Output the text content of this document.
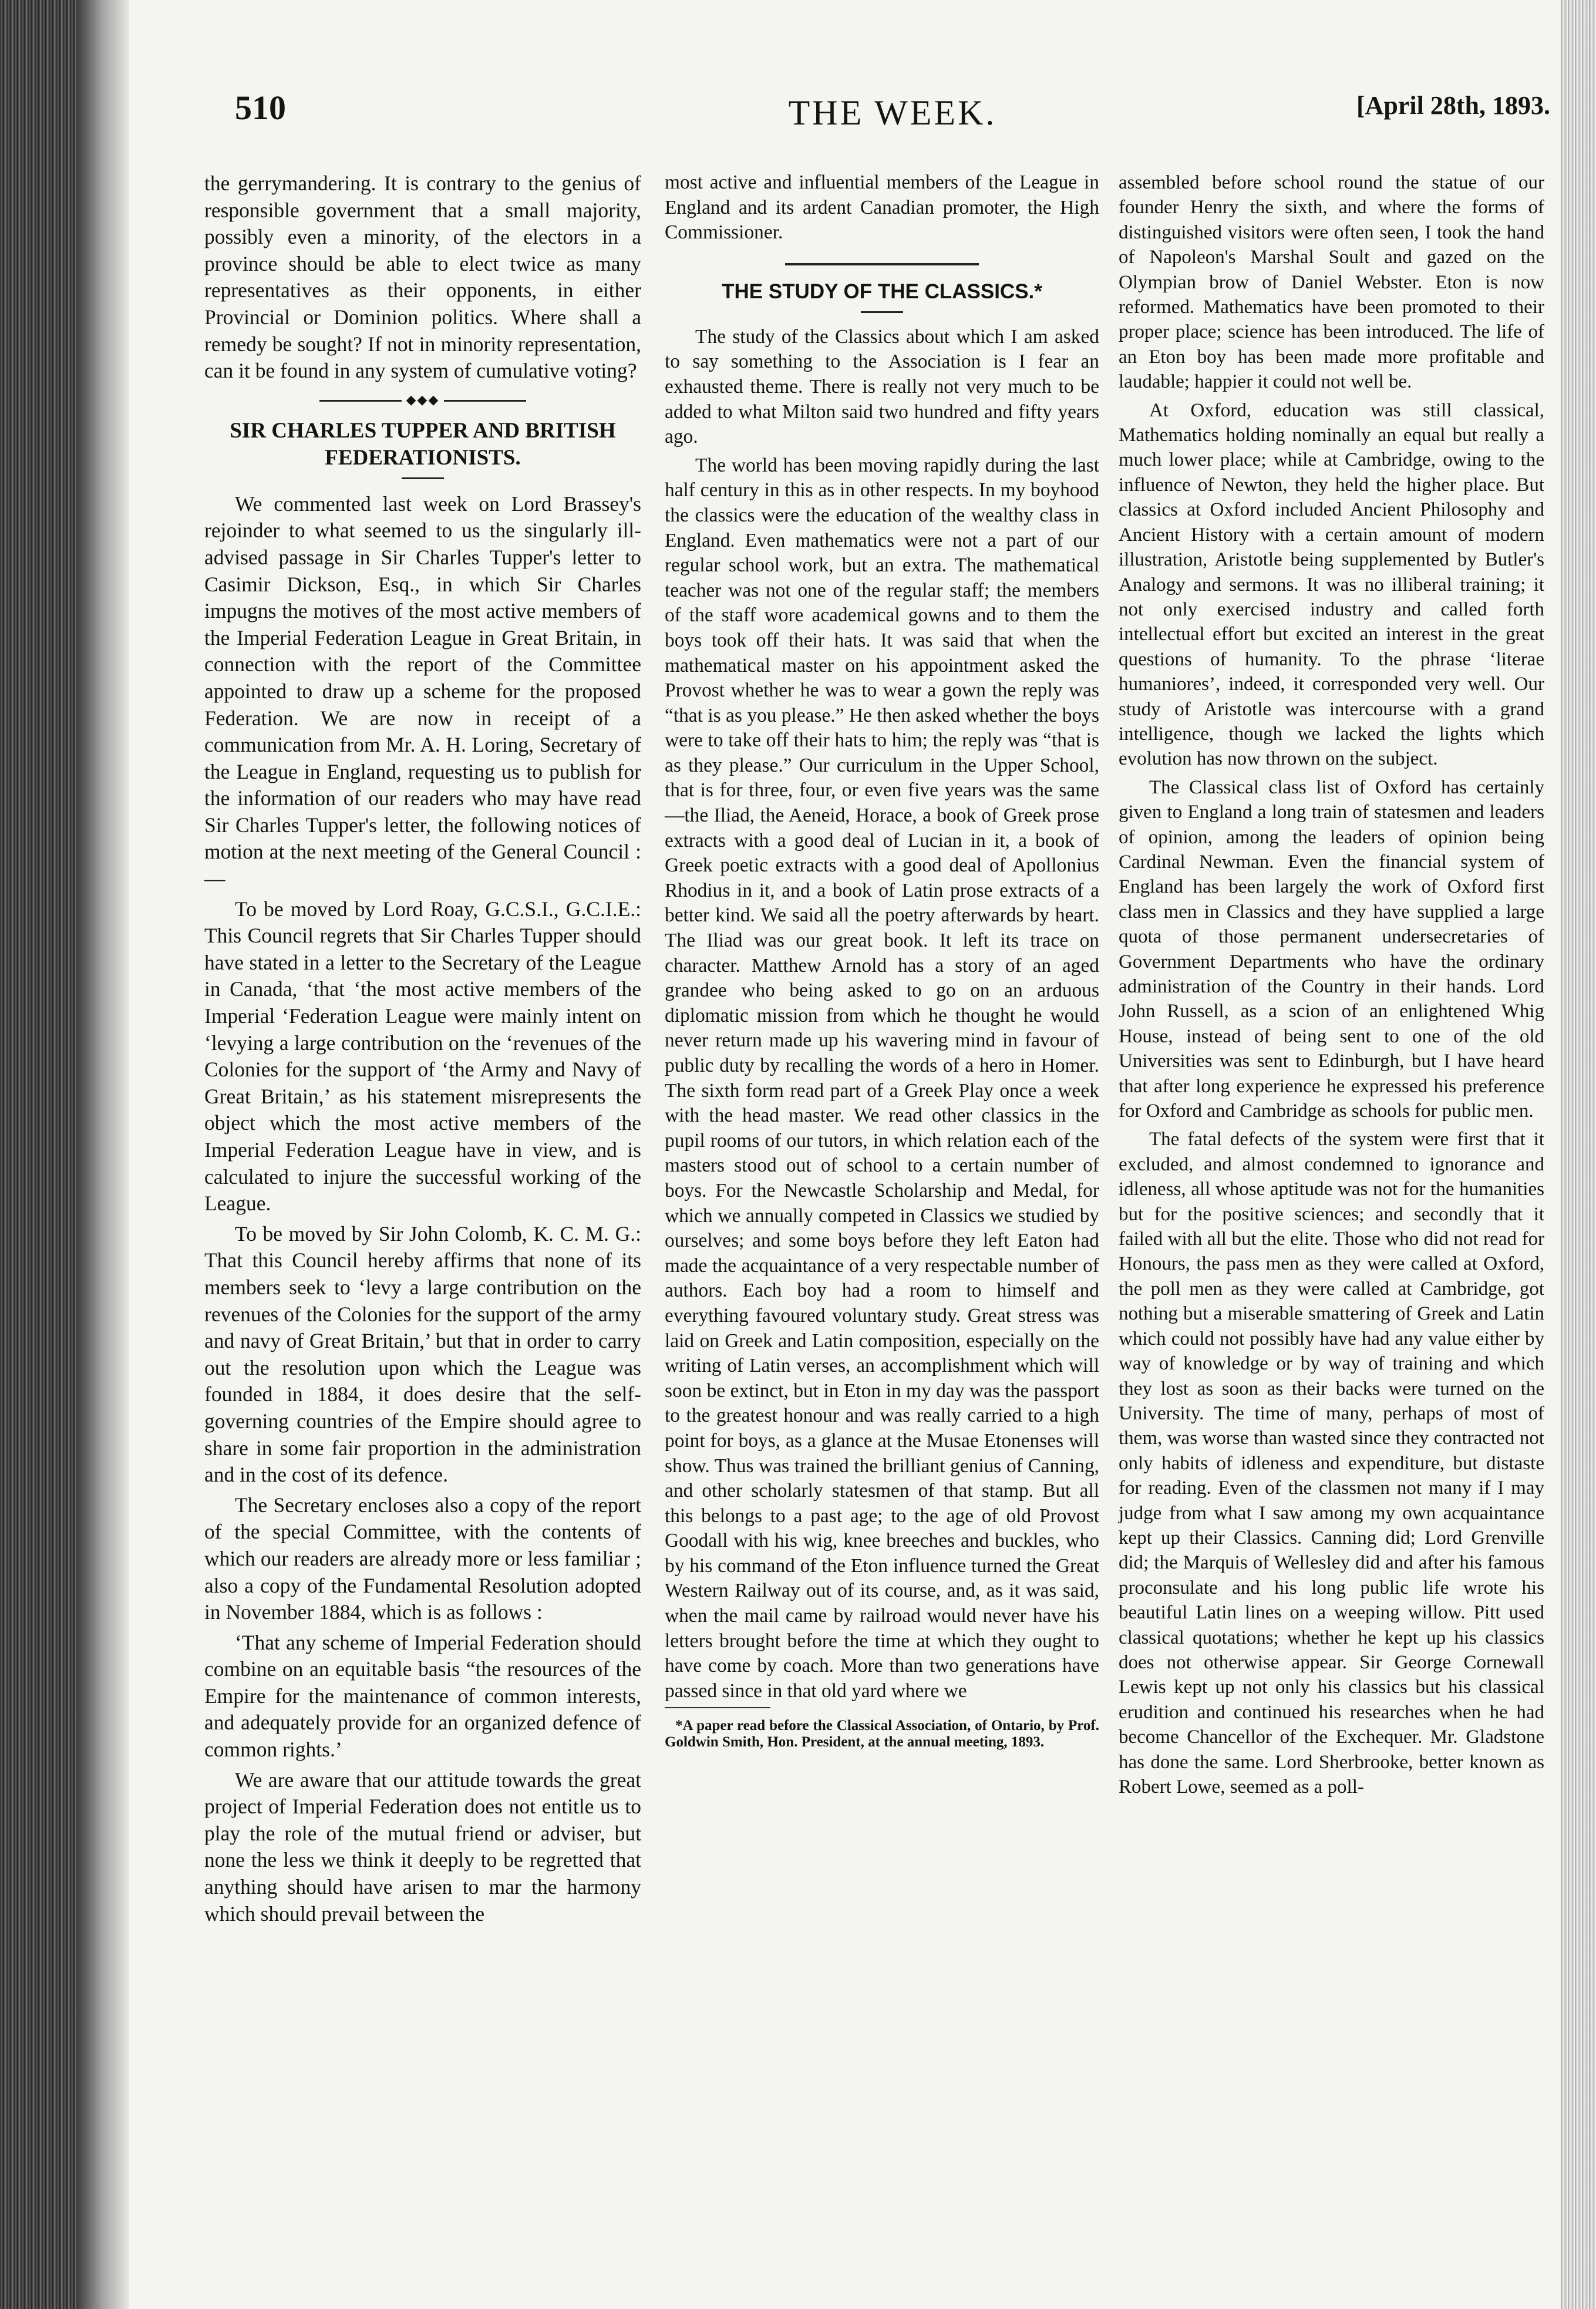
510	THE WEEK.	[April 28th, 1893.

the gerrymandering. It is contrary to the genius of responsible government that a small majority, possibly even a minority, of the electors in a province should be able to elect twice as many representatives as their opponents, in either Provincial or Dominion politics. Where shall a remedy be sought? If not in minority representation, can it be found in any system of cumulative voting?

◆◆◆

SIR CHARLES TUPPER AND BRITISH FEDERATIONISTS.

We commented last week on Lord Brassey's rejoinder to what seemed to us the singularly ill-advised passage in Sir Charles Tupper's letter to Casimir Dickson, Esq., in which Sir Charles impugns the motives of the most active members of the Imperial Federation League in Great Britain, in connection with the report of the Committee appointed to draw up a scheme for the proposed Federation. We are now in receipt of a communication from Mr. A. H. Loring, Secretary of the League in England, requesting us to publish for the information of our readers who may have read Sir Charles Tupper's letter, the following notices of motion at the next meeting of the General Council :—

To be moved by Lord Roay, G.C.S.I., G.C.I.E.: This Council regrets that Sir Charles Tupper should have stated in a letter to the Secretary of the League in Canada, ‘that ‘the most active members of the Imperial ‘Federation League were mainly intent on ‘levying a large contribution on the ‘revenues of the Colonies for the support of ‘the Army and Navy of Great Britain,’ as his statement misrepresents the object which the most active members of the Imperial Federation League have in view, and is calculated to injure the successful working of the League.

To be moved by Sir John Colomb, K. C. M. G.: That this Council hereby affirms that none of its members seek to ‘levy a large contribution on the revenues of the Colonies for the support of the army and navy of Great Britain,’ but that in order to carry out the resolution upon which the League was founded in 1884, it does desire that the self-governing countries of the Empire should agree to share in some fair proportion in the administration and in the cost of its defence.

The Secretary encloses also a copy of the report of the special Committee, with the contents of which our readers are already more or less familiar ; also a copy of the Fundamental Resolution adopted in November 1884, which is as follows :

‘That any scheme of Imperial Federation should combine on an equitable basis “the resources of the Empire for the maintenance of common interests, and adequately provide for an organized defence of common rights.’

We are aware that our attitude towards the great project of Imperial Federation does not entitle us to play the role of the mutual friend or adviser, but none the less we think it deeply to be regretted that anything should have arisen to mar the harmony which should prevail between the

most active and influential members of the League in England and its ardent Canadian promoter, the High Commissioner.

THE STUDY OF THE CLASSICS.*

The study of the Classics about which I am asked to say something to the Association is I fear an exhausted theme. There is really not very much to be added to what Milton said two hundred and fifty years ago.

The world has been moving rapidly during the last half century in this as in other respects. In my boyhood the classics were the education of the wealthy class in England. Even mathematics were not a part of our regular school work, but an extra. The mathematical teacher was not one of the regular staff; the members of the staff wore academical gowns and to them the boys took off their hats. It was said that when the mathematical master on his appointment asked the Provost whether he was to wear a gown the reply was “that is as you please.” He then asked whether the boys were to take off their hats to him; the reply was “that is as they please.” Our curriculum in the Upper School, that is for three, four, or even five years was the same—the Iliad, the Aeneid, Horace, a book of Greek prose extracts with a good deal of Lucian in it, a book of Greek poetic extracts with a good deal of Apollonius Rhodius in it, and a book of Latin prose extracts of a better kind. We said all the poetry afterwards by heart. The Iliad was our great book. It left its trace on character. Matthew Arnold has a story of an aged grandee who being asked to go on an arduous diplomatic mission from which he thought he would never return made up his wavering mind in favour of public duty by recalling the words of a hero in Homer. The sixth form read part of a Greek Play once a week with the head master. We read other classics in the pupil rooms of our tutors, in which relation each of the masters stood out of school to a certain number of boys. For the Newcastle Scholarship and Medal, for which we annually competed in Classics we studied by ourselves; and some boys before they left Eaton had made the acquaintance of a very respectable number of authors. Each boy had a room to himself and everything favoured voluntary study. Great stress was laid on Greek and Latin composition, especially on the writing of Latin verses, an accomplishment which will soon be extinct, but in Eton in my day was the passport to the greatest honour and was really carried to a high point for boys, as a glance at the Musae Etonenses will show. Thus was trained the brilliant genius of Canning, and other scholarly statesmen of that stamp. But all this belongs to a past age; to the age of old Provost Goodall with his wig, knee breeches and buckles, who by his command of the Eton influence turned the Great Western Railway out of its course, and, as it was said, when the mail came by railroad would never have his letters brought before the time at which they ought to have come by coach. More than two generations have passed since in that old yard where we

*A paper read before the Classical Association, of Ontario, by Prof. Goldwin Smith, Hon. President, at the annual meeting, 1893.

assembled before school round the statue of our founder Henry the sixth, and where the forms of distinguished visitors were often seen, I took the hand of Napoleon's Marshal Soult and gazed on the Olympian brow of Daniel Webster. Eton is now reformed. Mathematics have been promoted to their proper place; science has been introduced. The life of an Eton boy has been made more profitable and laudable; happier it could not well be.

At Oxford, education was still classical, Mathematics holding nominally an equal but really a much lower place; while at Cambridge, owing to the influence of Newton, they held the higher place. But classics at Oxford included Ancient Philosophy and Ancient History with a certain amount of modern illustration, Aristotle being supplemented by Butler's Analogy and sermons. It was no illiberal training; it not only exercised industry and called forth intellectual effort but excited an interest in the great questions of humanity. To the phrase ‘literae humaniores’, indeed, it corresponded very well. Our study of Aristotle was intercourse with a grand intelligence, though we lacked the lights which evolution has now thrown on the subject.

The Classical class list of Oxford has certainly given to England a long train of statesmen and leaders of opinion, among the leaders of opinion being Cardinal Newman. Even the financial system of England has been largely the work of Oxford first class men in Classics and they have supplied a large quota of those permanent undersecretaries of Government Departments who have the ordinary administration of the Country in their hands. Lord John Russell, as a scion of an enlightened Whig House, instead of being sent to one of the old Universities was sent to Edinburgh, but I have heard that after long experience he expressed his preference for Oxford and Cambridge as schools for public men.

The fatal defects of the system were first that it excluded, and almost condemned to ignorance and idleness, all whose aptitude was not for the humanities but for the positive sciences; and secondly that it failed with all but the elite. Those who did not read for Honours, the pass men as they were called at Oxford, the poll men as they were called at Cambridge, got nothing but a miserable smattering of Greek and Latin which could not possibly have had any value either by way of knowledge or by way of training and which they lost as soon as their backs were turned on the University. The time of many, perhaps of most of them, was worse than wasted since they contracted not only habits of idleness and expenditure, but distaste for reading. Even of the classmen not many if I may judge from what I saw among my own acquaintance kept up their Classics. Canning did; Lord Grenville did; the Marquis of Wellesley did and after his famous proconsulate and his long public life wrote his beautiful Latin lines on a weeping willow. Pitt used classical quotations; whether he kept up his classics does not otherwise appear. Sir George Cornewall Lewis kept up not only his classics but his classical erudition and continued his researches when he had become Chancellor of the Exchequer. Mr. Gladstone has done the same. Lord Sherbrooke, better known as Robert Lowe, seemed as a poll-
